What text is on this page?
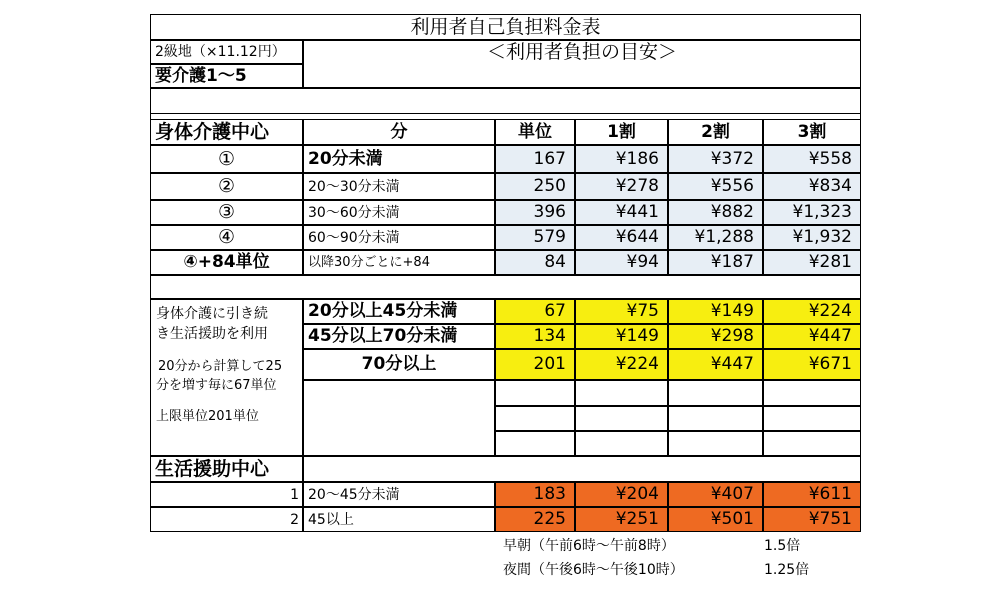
利用者自己負担料金表
2級地（×11.12円）
要介護1〜5
＜利用者負担の目安＞
身体介護中心	分	単位	1割	2割	3割
①	20分未満	167	¥186	¥372	¥558
②	20〜30分未満	250	¥278	¥556	¥834
③	30〜60分未満	396	¥441	¥882	¥1,323
④	60〜90分未満	579	¥644	¥1,288	¥1,932
④+84単位	以降30分ごとに+84	84	¥94	¥187	¥281
身体介護に引き続
き生活援助を利用
20分から計算して25
分を増す毎に67単位
上限単位201単位
20分以上45分未満	67	¥75	¥149	¥224
45分以上70分未満	134	¥149	¥298	¥447
70分以上	201	¥224	¥447	¥671
生活援助中心
1 20〜45分未満	183	¥204	¥407	¥611
2 45以上	225	¥251	¥501	¥751
早朝（午前6時〜午前8時）	1.5倍
夜間（午後6時〜午後10時）	1.25倍
